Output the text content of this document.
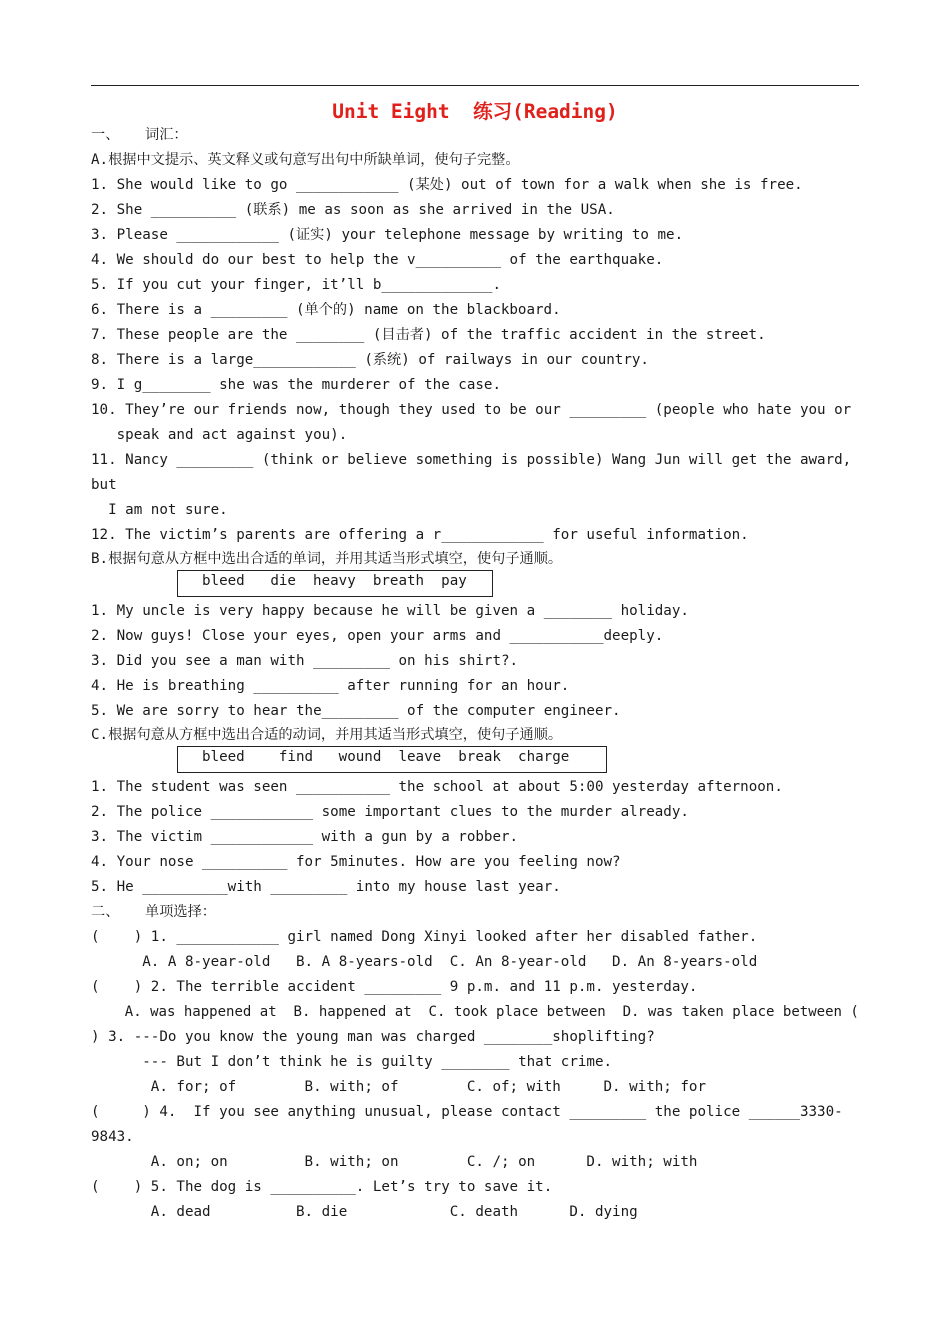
Unit Eight  练习(Reading)
一、   词汇：
A.根据中文提示、英文释义或句意写出句中所缺单词，使句子完整。
1. She would like to go ____________ (某处) out of town for a walk when she is free.
2. She __________ (联系) me as soon as she arrived in the USA.
3. Please ____________ (证实) your telephone message by writing to me.
4. We should do our best to help the v__________ of the earthquake.
5. If you cut your finger, it’ll b_____________.
6. There is a _________ (单个的) name on the blackboard.
7. These people are the ________ (目击者) of the traffic accident in the street.
8. There is a large____________ (系统) of railways in our country.
9. I g________ she was the murderer of the case.
10. They’re our friends now, though they used to be our _________ (people who hate you or
speak and act against you).
11. Nancy _________ (think or believe something is possible) Wang Jun will get the award,
but
I am not sure.
12. The victim’s parents are offering a r____________ for useful information.
B.根据句意从方框中选出合适的单词，并用其适当形式填空，使句子通顺。
bleed   die  heavy  breath  pay
1. My uncle is very happy because he will be given a ________ holiday.
2. Now guys! Close your eyes, open your arms and ___________deeply.
3. Did you see a man with _________ on his shirt?.
4. He is breathing __________ after running for an hour.
5. We are sorry to hear the_________ of the computer engineer.
C.根据句意从方框中选出合适的动词，并用其适当形式填空，使句子通顺。
bleed    find   wound  leave  break  charge
1. The student was seen ___________ the school at about 5:00 yesterday afternoon.
2. The police ____________ some important clues to the murder already.
3. The victim ____________ with a gun by a robber.
4. Your nose __________ for 5minutes. How are you feeling now?
5. He __________with _________ into my house last year.
二、   单项选择：
(    ) 1. ____________ girl named Dong Xinyi looked after her disabled father.
A. A 8-year-old   B. A 8-years-old  C. An 8-year-old   D. An 8-years-old
(    ) 2. The terrible accident _________ 9 p.m. and 11 p.m. yesterday.
A. was happened at  B. happened at  C. took place between  D. was taken place between (
) 3. ---Do you know the young man was charged ________shoplifting?
--- But I don’t think he is guilty ________ that crime.
A. for; of        B. with; of        C. of; with     D. with; for
(     ) 4.  If you see anything unusual, please contact _________ the police ______3330-
9843.
A. on; on         B. with; on        C. /; on      D. with; with
(    ) 5. The dog is __________. Let’s try to save it.
A. dead          B. die            C. death      D. dying
